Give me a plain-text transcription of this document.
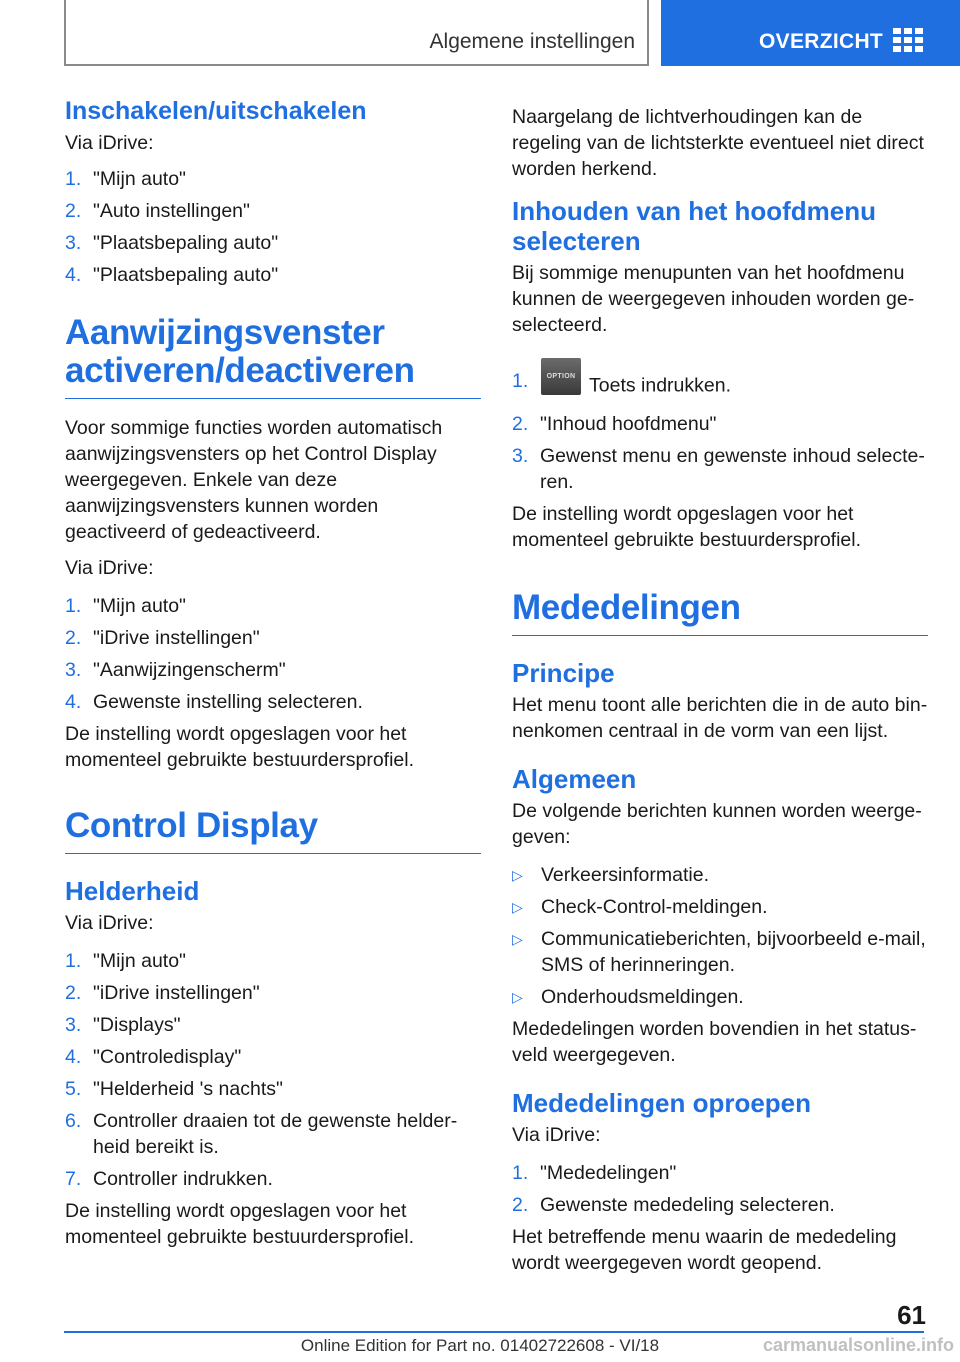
Algemene instellingen	OVERZICHT
Inschakelen/uitschakelen

Via iDrive:

1. "Mijn auto"
2. "Auto instellingen"
3. "Plaatsbepaling auto"
4. "Plaatsbepaling auto"
Aanwijzingsvenster activeren/deactiveren

Voor sommige functies worden automatisch aanwijzingsvensters op het Control Display weergegeven. Enkele van deze aanwijzingsvensters kunnen worden geactiveerd of gedeactiveerd.

Via iDrive:

1. "Mijn auto"
2. "iDrive instellingen"
3. "Aanwijzingenscherm"
4. Gewenste instelling selecteren.

De instelling wordt opgeslagen voor het momenteel gebruikte bestuurdersprofiel.

Control Display
Helderheid

Via iDrive:

1. "Mijn auto"
2. "iDrive instellingen"
3. "Displays"
4. "Controledisplay"
5. "Helderheid 's nachts"
6. Controller draaien tot de gewenste helderheid bereikt is.
7. Controller indrukken.

De instelling wordt opgeslagen voor het momenteel gebruikte bestuurdersprofiel.

Naargelang de lichtverhoudingen kan de regeling van de lichtsterkte eventueel niet direct worden herkend.

Inhouden van het hoofdmenu selecteren

Bij sommige menupunten van het hoofdmenu kunnen de weergegeven inhouden worden geselecteerd.

1.	OPTION Toets indrukken.
2. "Inhoud hoofdmenu"
3. Gewenst menu en gewenste inhoud selecteren.

De instelling wordt opgeslagen voor het momenteel gebruikte bestuurdersprofiel.

Mededelingen
Principe

Het menu toont alle berichten die in de auto binnenkomen centraal in de vorm van een lijst.

Algemeen

De volgende berichten kunnen worden weergegeven:

▷ Verkeersinformatie.
▷ Check-Control-meldingen.
▷ Communicatieberichten, bijvoorbeeld e-mail, SMS of herinneringen.
▷ Onderhoudsmeldingen.

Mededelingen worden bovendien in het statusveld weergegeven.

Mededelingen oproepen

Via iDrive:

1. "Mededelingen"
2. Gewenste mededeling selecteren.

Het betreffende menu waarin de mededeling wordt weergegeven wordt geopend.

61
Online Edition for Part no. 01402722608 - VI/18	carmanualsonline.info
